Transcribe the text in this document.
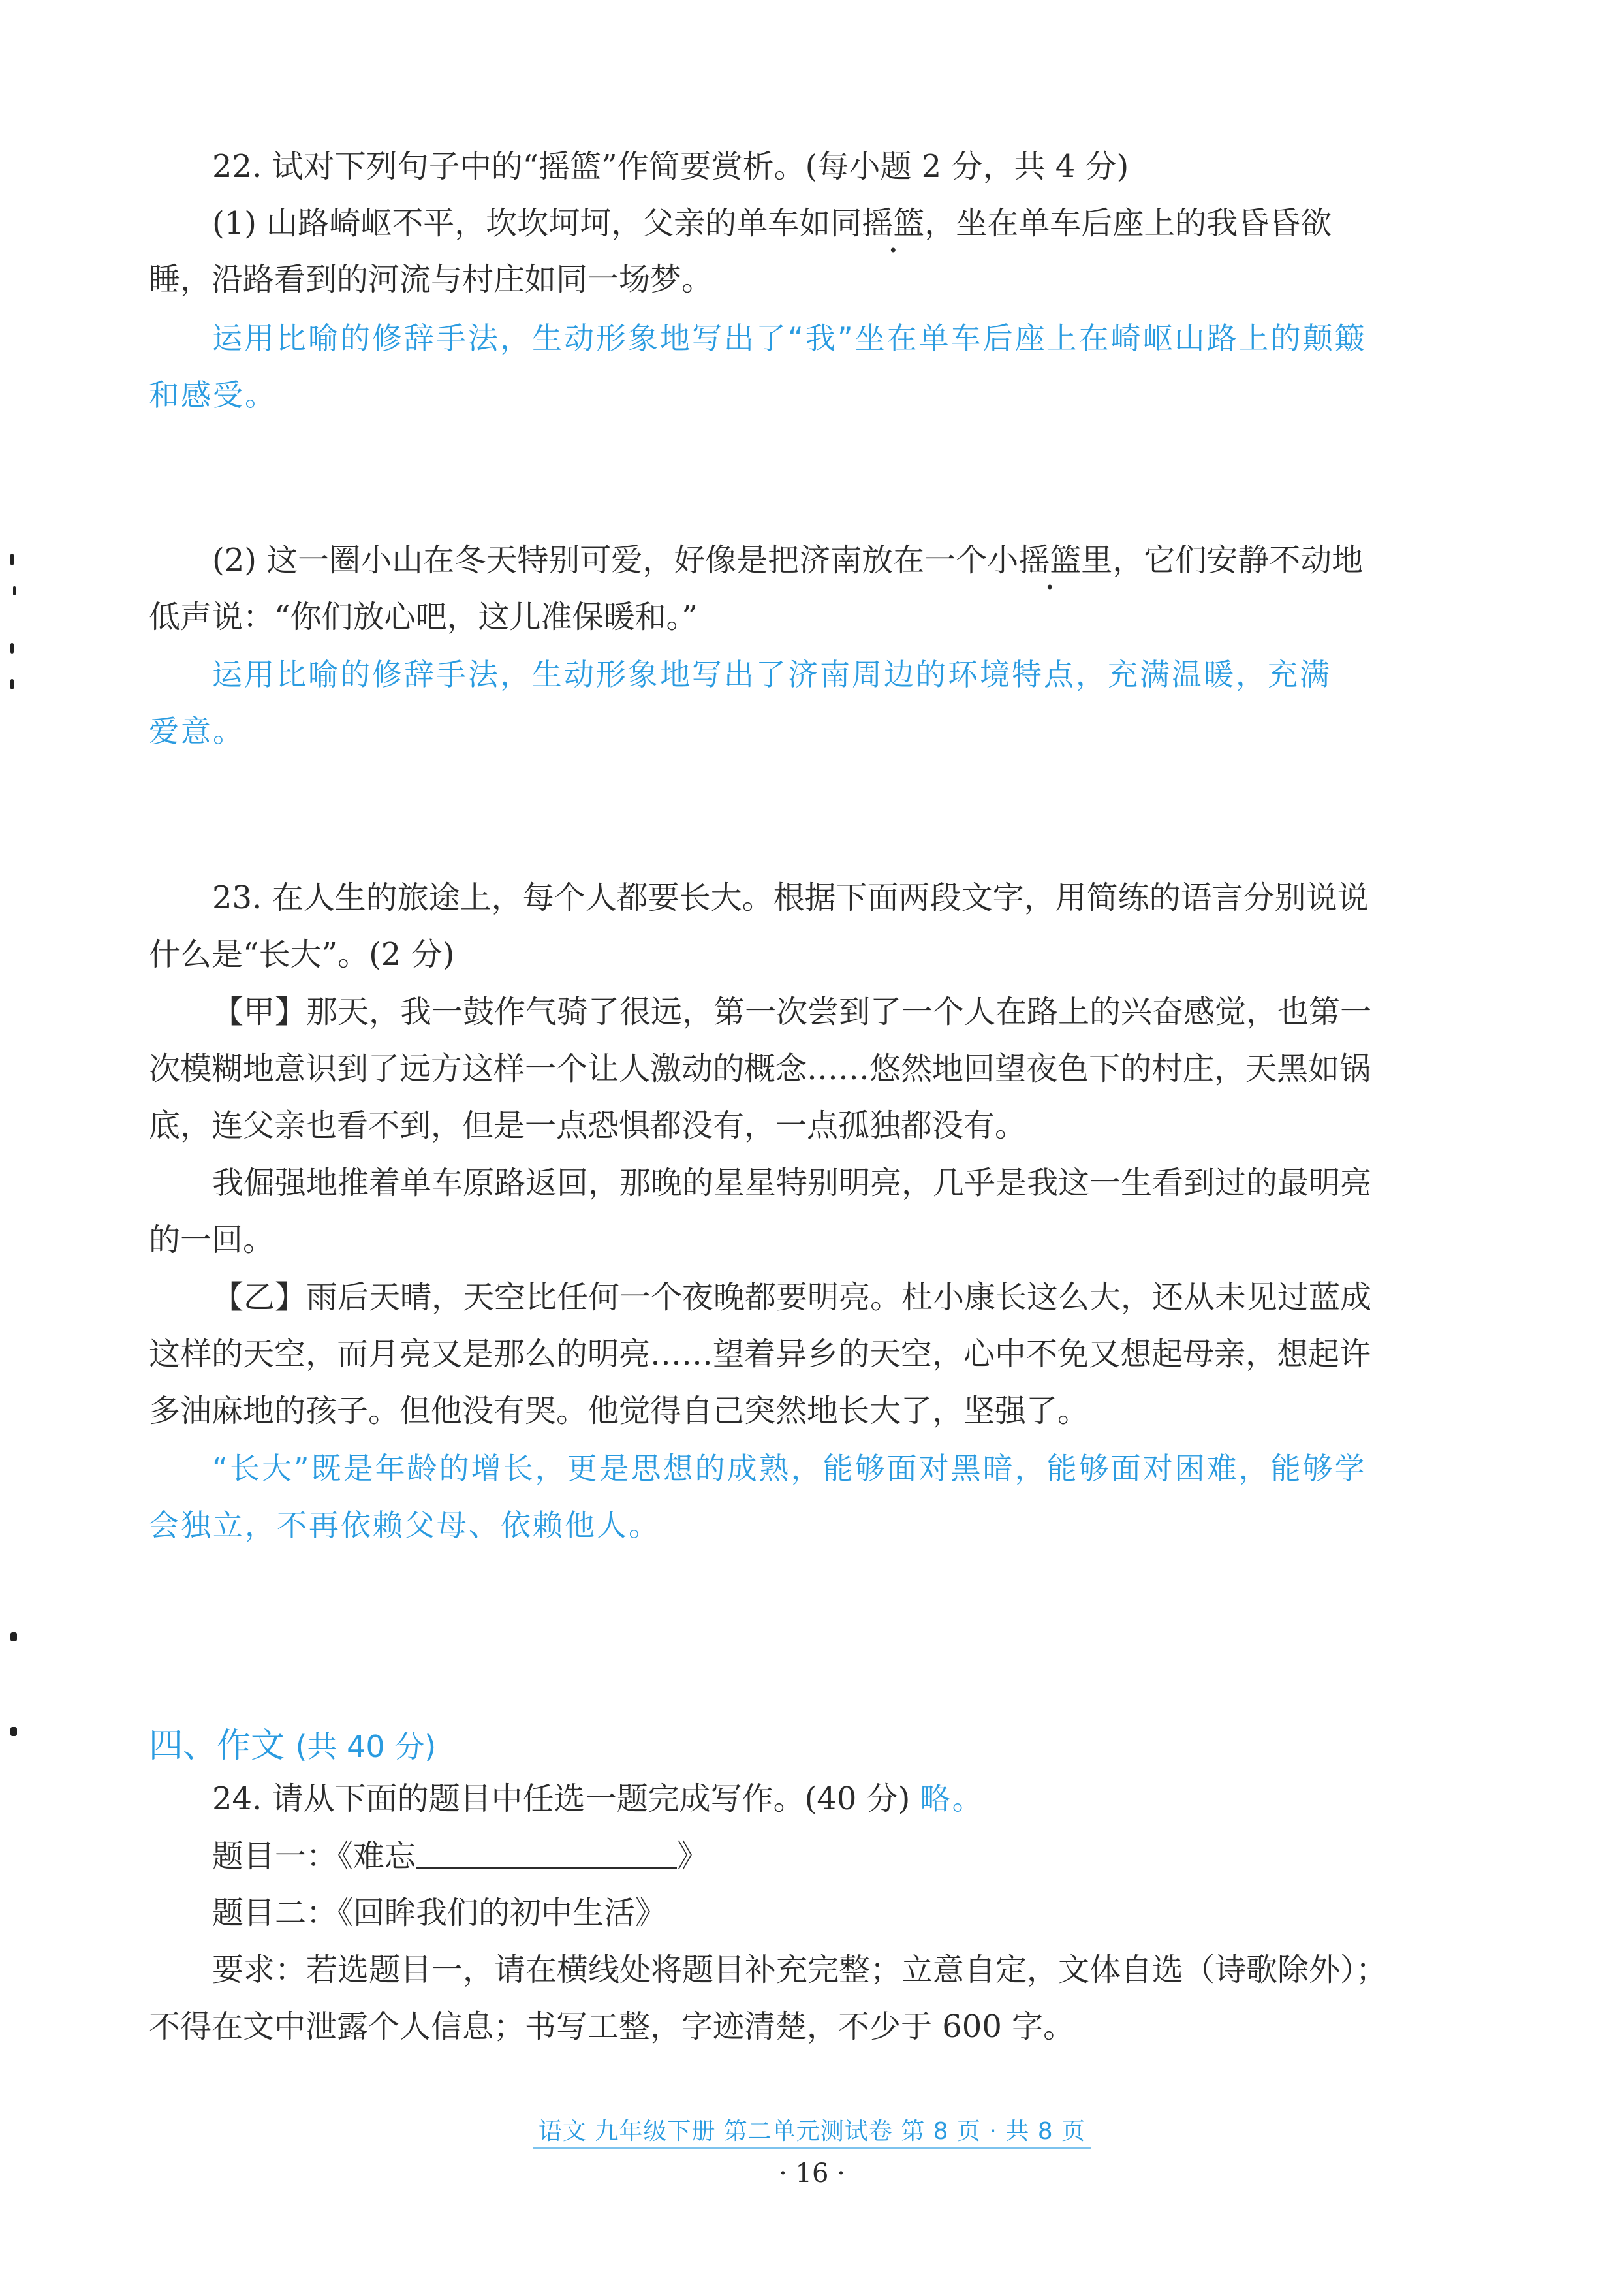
22. 试对下列句子中的“摇篮”作简要赏析。(每小题 2 分，共 4 分)
(1) 山路崎岖不平，坎坎坷坷，父亲的单车如同摇篮，坐在单车后座上的我昏昏欲
睡，沿路看到的河流与村庄如同一场梦。
运用比喻的修辞手法，生动形象地写出了“我”坐在单车后座上在崎岖山路上的颠簸
和感受。
(2) 这一圈小山在冬天特别可爱，好像是把济南放在一个小摇篮里，它们安静不动地
低声说：“你们放心吧，这儿准保暖和。”
运用比喻的修辞手法，生动形象地写出了济南周边的环境特点，充满温暖，充满
爱意。
23. 在人生的旅途上，每个人都要长大。根据下面两段文字，用简练的语言分别说说
什么是“长大”。(2 分)
【甲】那天，我一鼓作气骑了很远，第一次尝到了一个人在路上的兴奋感觉，也第一
次模糊地意识到了远方这样一个让人激动的概念……悠然地回望夜色下的村庄，天黑如锅
底，连父亲也看不到，但是一点恐惧都没有，一点孤独都没有。
我倔强地推着单车原路返回，那晚的星星特别明亮，几乎是我这一生看到过的最明亮
的一回。
【乙】雨后天晴，天空比任何一个夜晚都要明亮。杜小康长这么大，还从未见过蓝成
这样的天空，而月亮又是那么的明亮……望着异乡的天空，心中不免又想起母亲，想起许
多油麻地的孩子。但他没有哭。他觉得自己突然地长大了，坚强了。
“长大”既是年龄的增长，更是思想的成熟，能够面对黑暗，能够面对困难，能够学
会独立，不再依赖父母、依赖他人。
四、作文 (共 40 分)
24. 请从下面的题目中任选一题完成写作。(40 分) 略。
题目一：《难忘	》
题目二：《回眸我们的初中生活》
要求：若选题目一，请在横线处将题目补充完整；立意自定，文体自选（诗歌除外）；
不得在文中泄露个人信息；书写工整，字迹清楚，不少于 600 字。
语文 九年级下册 第二单元测试卷 第 8 页 · 共 8 页
· 16 ·
